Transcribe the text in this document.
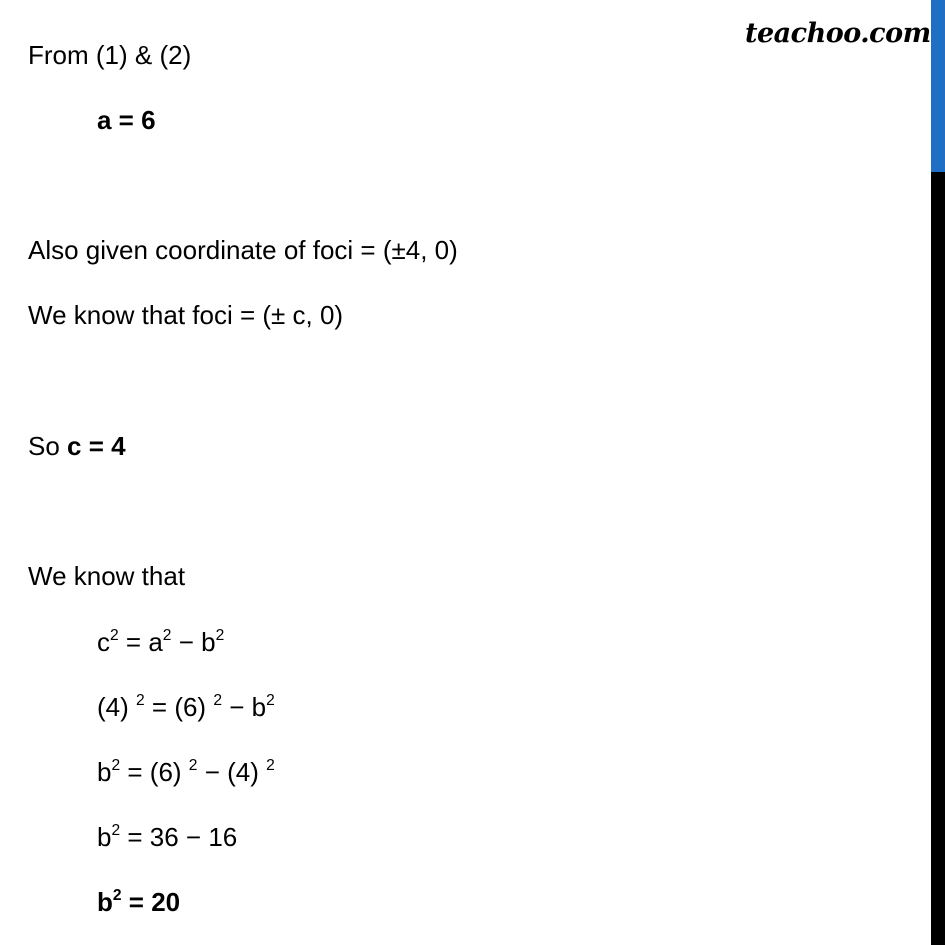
teachoo.com
From (1) & (2)
a = 6
Also given coordinate of foci = (±4, 0)
We know that foci = (± c, 0)
So c = 4
We know that
$c^2 = a^2 - b^2$
(4) $^2$ = (6) $^2 - b^2$
$b^2 = (6) ^2 - (4)$ $^2$
$b^2 = 36 - 16$
$b^2 = 20$
